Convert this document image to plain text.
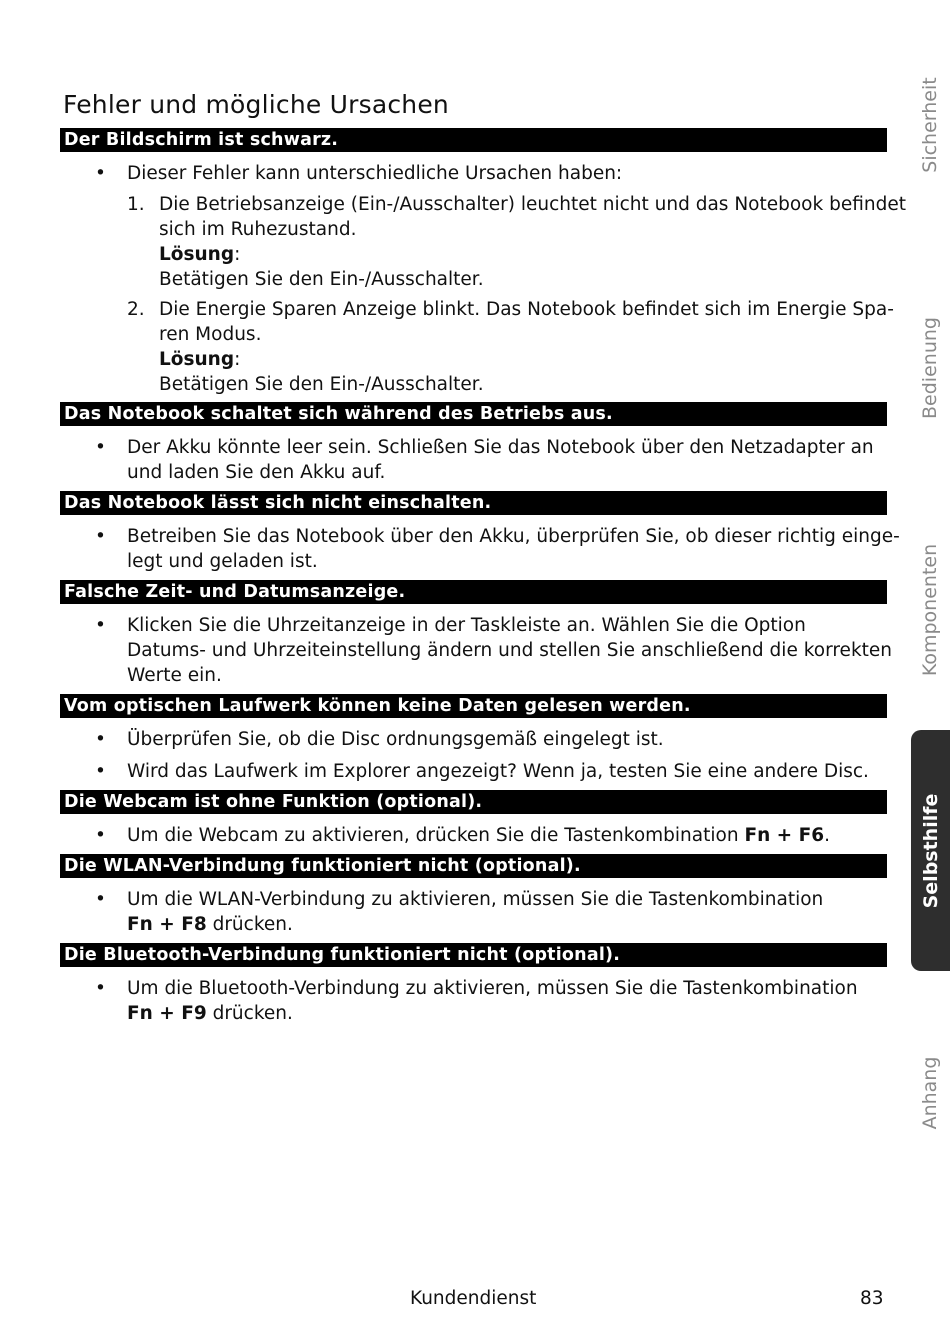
Fehler und mögliche Ursachen
Der Bildschirm ist schwarz.
• Dieser Fehler kann unterschiedliche Ursachen haben:
1. Die Betriebsanzeige (Ein-/Ausschalter) leuchtet nicht und das Notebook befindet
sich im Ruhezustand.
Lösung:
Betätigen Sie den Ein-/Ausschalter.
2. Die Energie Sparen Anzeige blinkt. Das Notebook befindet sich im Energie Spa-
ren Modus.
Lösung:
Betätigen Sie den Ein-/Ausschalter.
Das Notebook schaltet sich während des Betriebs aus.
• Der Akku könnte leer sein. Schließen Sie das Notebook über den Netzadapter an
und laden Sie den Akku auf.
Das Notebook lässt sich nicht einschalten.
• Betreiben Sie das Notebook über den Akku, überprüfen Sie, ob dieser richtig einge-
legt und geladen ist.
Falsche Zeit- und Datumsanzeige.
• Klicken Sie die Uhrzeitanzeige in der Taskleiste an. Wählen Sie die Option
Datums- und Uhrzeiteinstellung ändern und stellen Sie anschließend die korrekten
Werte ein.
Vom optischen Laufwerk können keine Daten gelesen werden.
• Überprüfen Sie, ob die Disc ordnungsgemäß eingelegt ist.
• Wird das Laufwerk im Explorer angezeigt? Wenn ja, testen Sie eine andere Disc.
Die Webcam ist ohne Funktion (optional).
• Um die Webcam zu aktivieren, drücken Sie die Tastenkombination Fn + F6.
Die WLAN-Verbindung funktioniert nicht (optional).
• Um die WLAN-Verbindung zu aktivieren, müssen Sie die Tastenkombination
Fn + F8 drücken.
Die Bluetooth-Verbindung funktioniert nicht (optional).
• Um die Bluetooth-Verbindung zu aktivieren, müssen Sie die Tastenkombination
Fn + F9 drücken.
Sicherheit
Bedienung
Komponenten
Selbsthilfe
Anhang
Kundendienst	83
